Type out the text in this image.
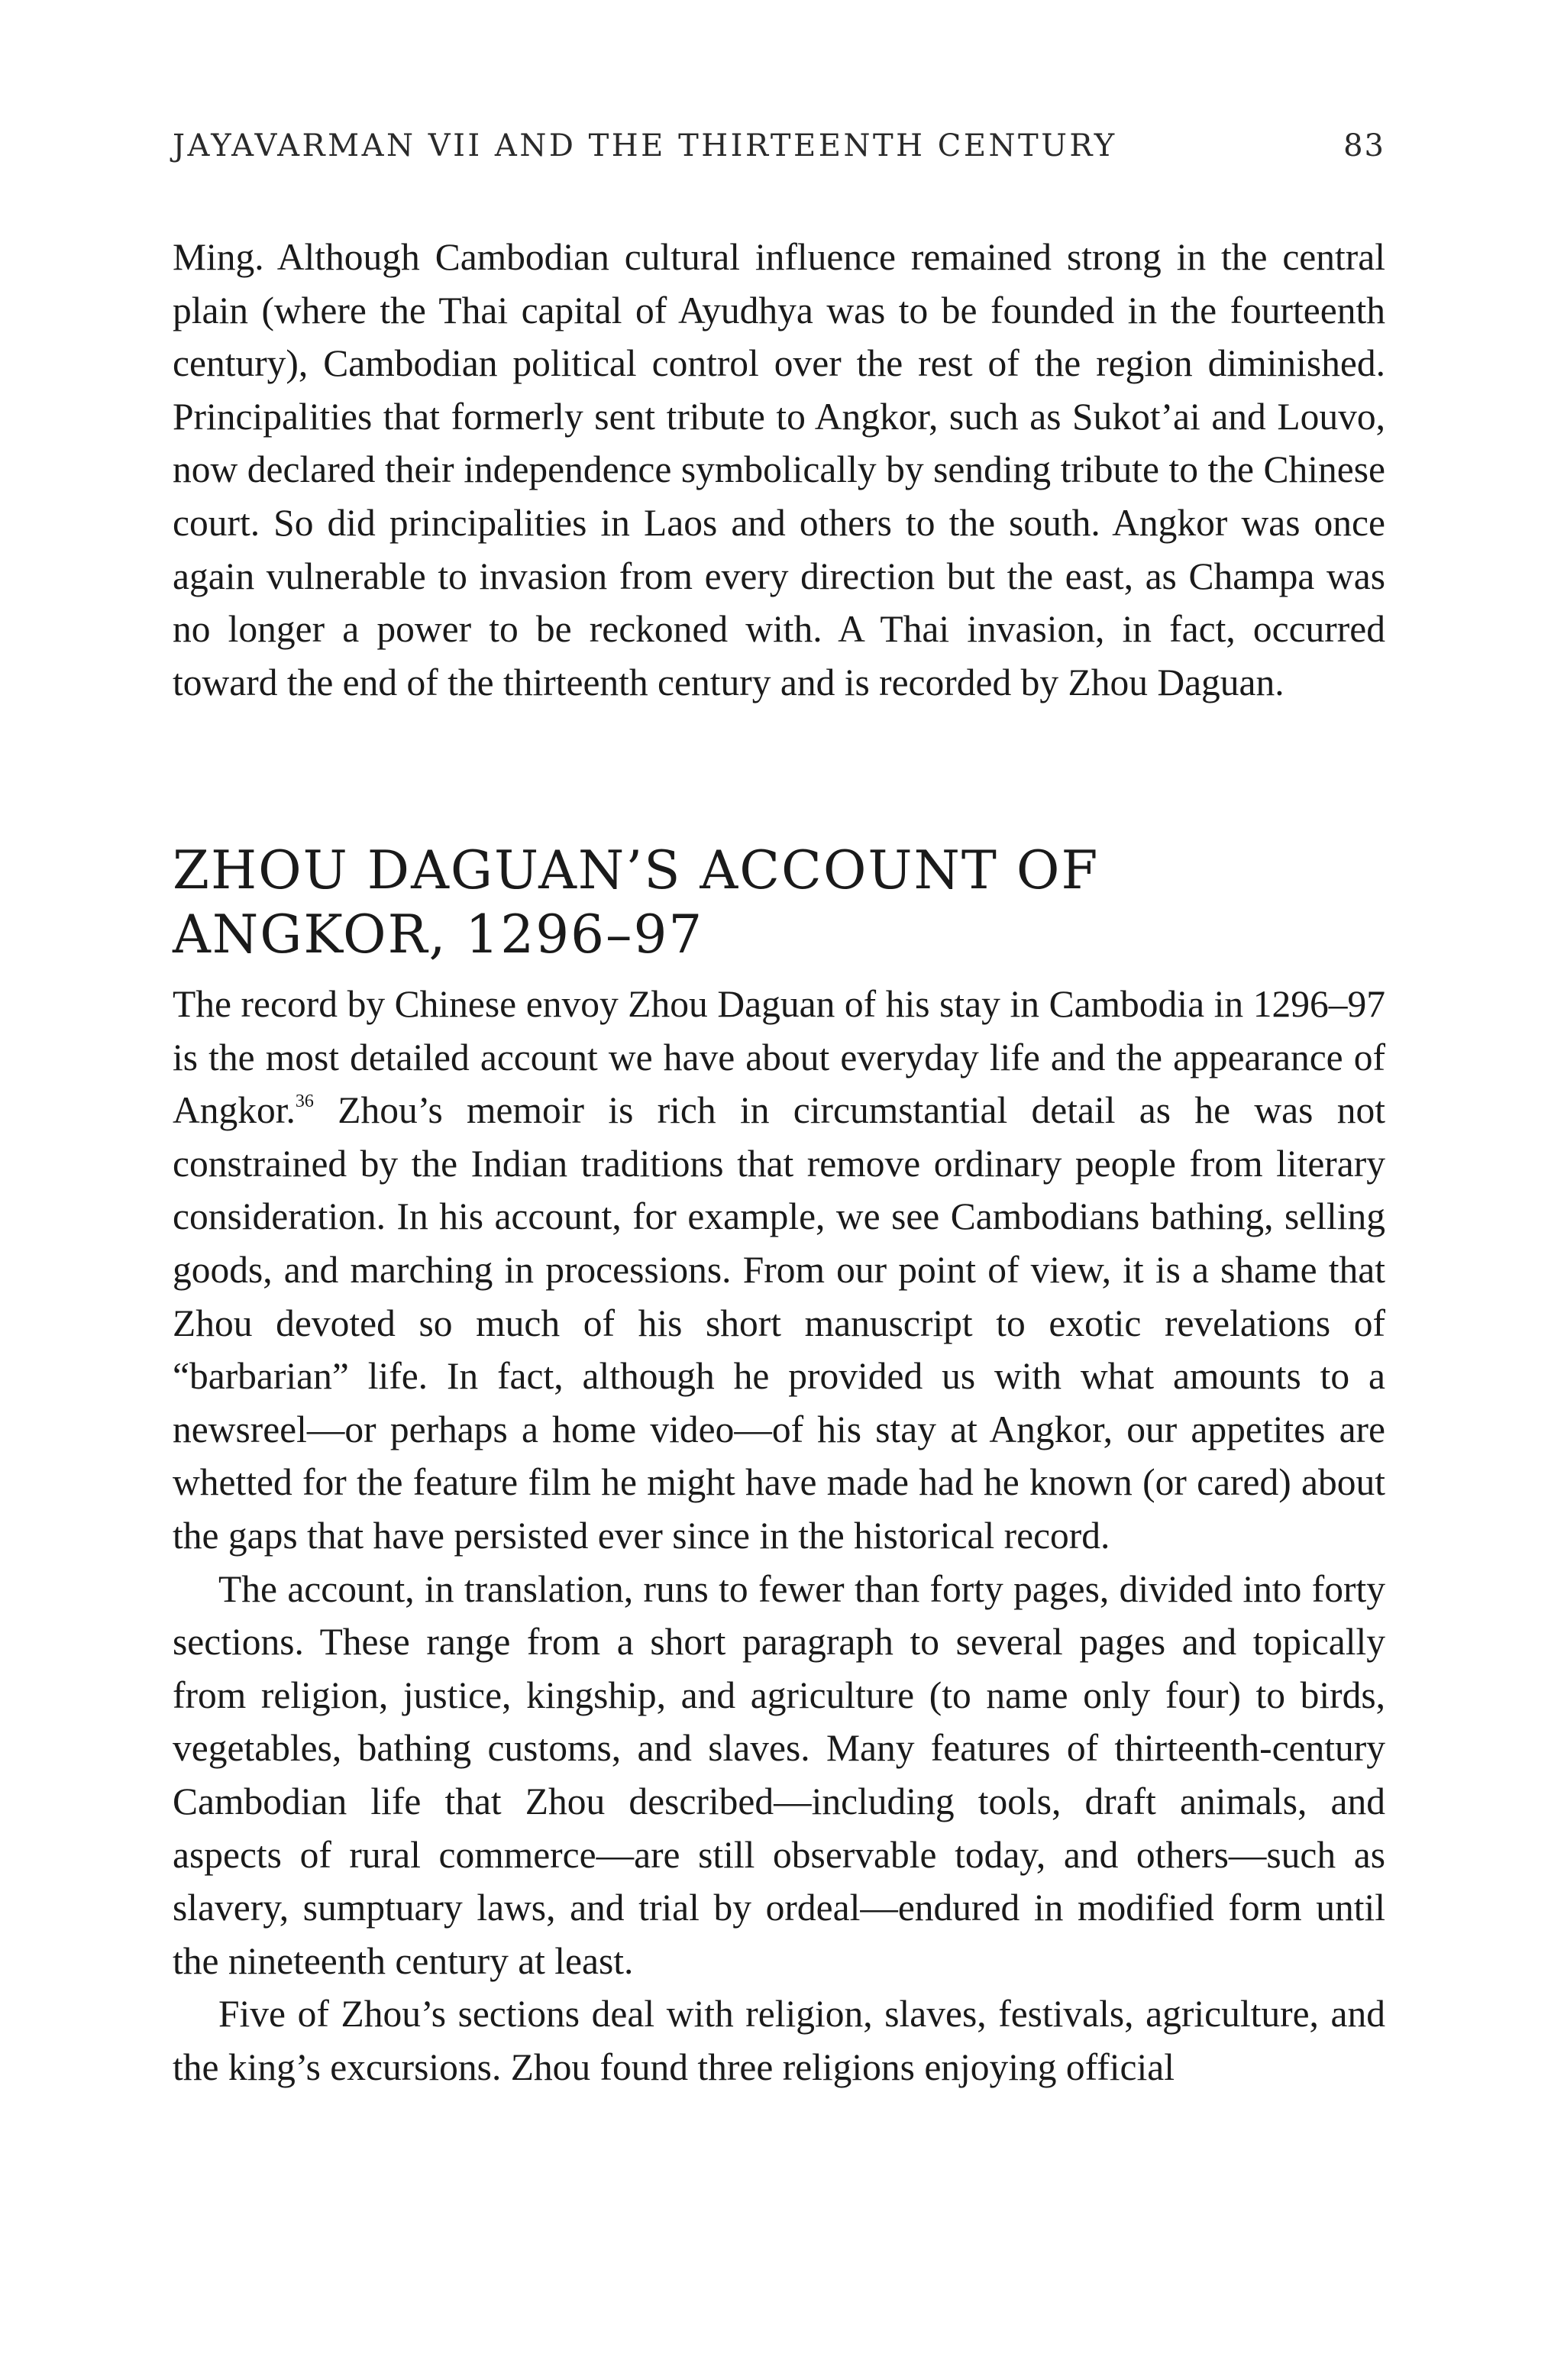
JAYAVARMAN VII AND THE THIRTEENTH CENTURY	83

Ming. Although Cambodian cultural influence remained strong in the central plain (where the Thai capital of Ayudhya was to be founded in the fourteenth century), Cambodian political control over the rest of the region diminished. Principalities that formerly sent tribute to Angkor, such as Sukot’ai and Louvo, now declared their independence symbolically by sending tribute to the Chinese court. So did principalities in Laos and others to the south. Angkor was once again vulnerable to invasion from every direction but the east, as Champa was no longer a power to be reckoned with. A Thai invasion, in fact, occurred toward the end of the thirteenth century and is recorded by Zhou Daguan.

ZHOU DAGUAN’S ACCOUNT OF
ANGKOR, 1296–97

The record by Chinese envoy Zhou Daguan of his stay in Cambodia in 1296–97 is the most detailed account we have about everyday life and the appearance of Angkor.$^{36}$ Zhou’s memoir is rich in circumstantial detail as he was not constrained by the Indian traditions that remove ordinary people from literary consideration. In his account, for example, we see Cambodians bathing, selling goods, and marching in processions. From our point of view, it is a shame that Zhou devoted so much of his short manuscript to exotic revelations of “barbarian” life. In fact, although he provided us with what amounts to a newsreel—or perhaps a home video—of his stay at Angkor, our appetites are whetted for the feature film he might have made had he known (or cared) about the gaps that have persisted ever since in the historical record.

The account, in translation, runs to fewer than forty pages, divided into forty sections. These range from a short paragraph to several pages and topically from religion, justice, kingship, and agriculture (to name only four) to birds, vegetables, bathing customs, and slaves. Many features of thirteenth-century Cambodian life that Zhou described—including tools, draft animals, and aspects of rural commerce—are still observable today, and others—such as slavery, sumptuary laws, and trial by ordeal—endured in modified form until the nineteenth century at least.

Five of Zhou’s sections deal with religion, slaves, festivals, agriculture, and the king’s excursions. Zhou found three religions enjoying official
